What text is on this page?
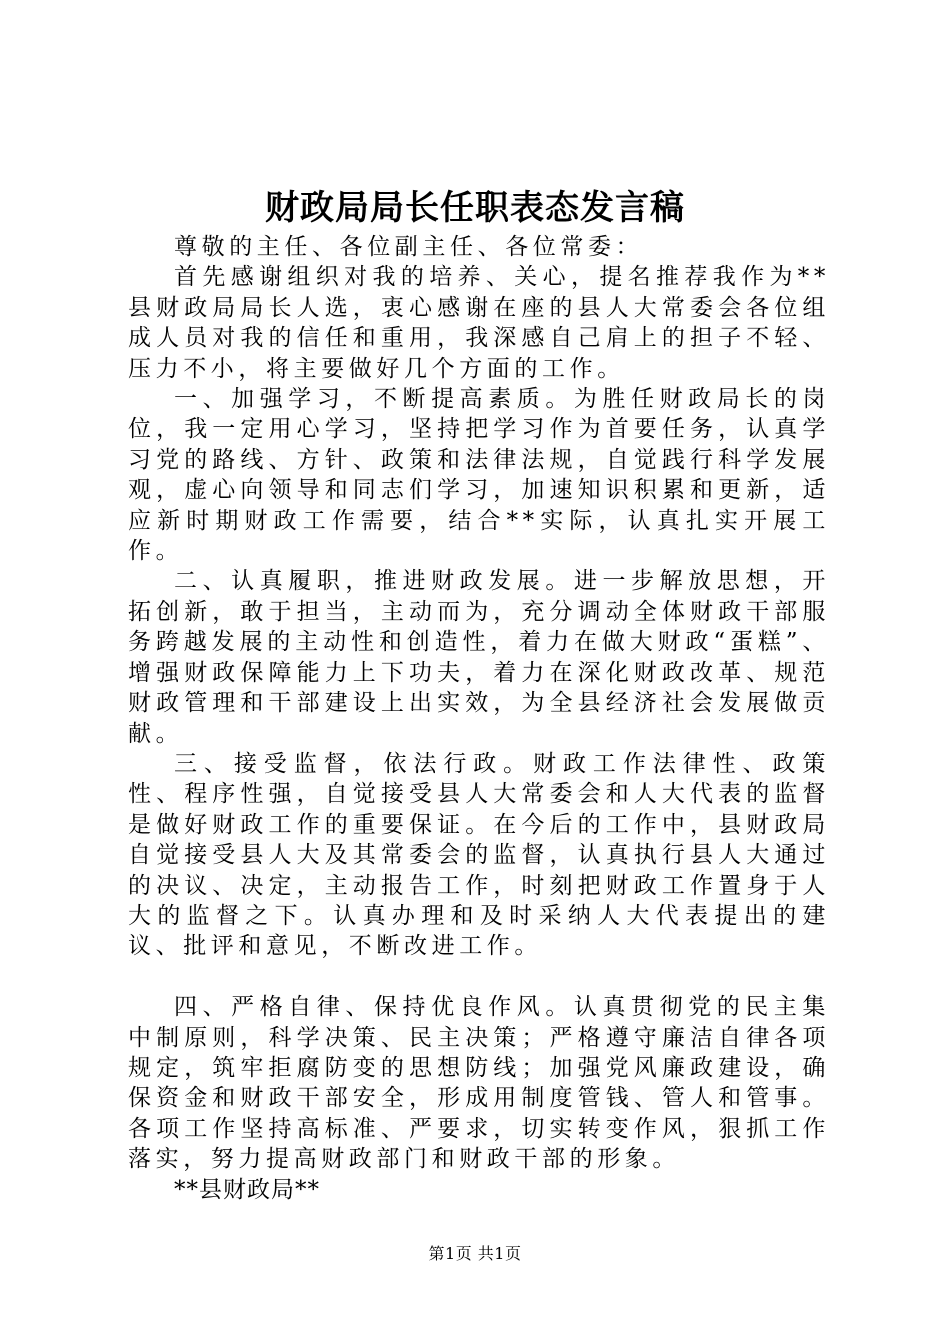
财政局局长任职表态发言稿

尊敬的主任、各位副主任、各位常委：

首先感谢组织对我的培养、关心，提名推荐我作为**县财政局局长人选，衷心感谢在座的县人大常委会各位组成人员对我的信任和重用，我深感自己肩上的担子不轻、压力不小，将主要做好几个方面的工作。

一、加强学习，不断提高素质。为胜任财政局长的岗位，我一定用心学习，坚持把学习作为首要任务，认真学习党的路线、方针、政策和法律法规，自觉践行科学发展观，虚心向领导和同志们学习，加速知识积累和更新，适应新时期财政工作需要，结合**实际，认真扎实开展工作。

二、认真履职，推进财政发展。进一步解放思想，开拓创新，敢于担当，主动而为，充分调动全体财政干部服务跨越发展的主动性和创造性，着力在做大财政“蛋糕”、增强财政保障能力上下功夫，着力在深化财政改革、规范财政管理和干部建设上出实效，为全县经济社会发展做贡献。

三、接受监督，依法行政。财政工作法律性、政策性、程序性强，自觉接受县人大常委会和人大代表的监督是做好财政工作的重要保证。在今后的工作中，县财政局自觉接受县人大及其常委会的监督，认真执行县人大通过的决议、决定，主动报告工作，时刻把财政工作置身于人大的监督之下。认真办理和及时采纳人大代表提出的建议、批评和意见，不断改进工作。

四、严格自律、保持优良作风。认真贯彻党的民主集中制原则，科学决策、民主决策；严格遵守廉洁自律各项规定，筑牢拒腐防变的思想防线；加强党风廉政建设，确保资金和财政干部安全，形成用制度管钱、管人和管事。各项工作坚持高标准、严要求，切实转变作风，狠抓工作落实，努力提高财政部门和财政干部的形象。

**县财政局**

第1页 共1页
